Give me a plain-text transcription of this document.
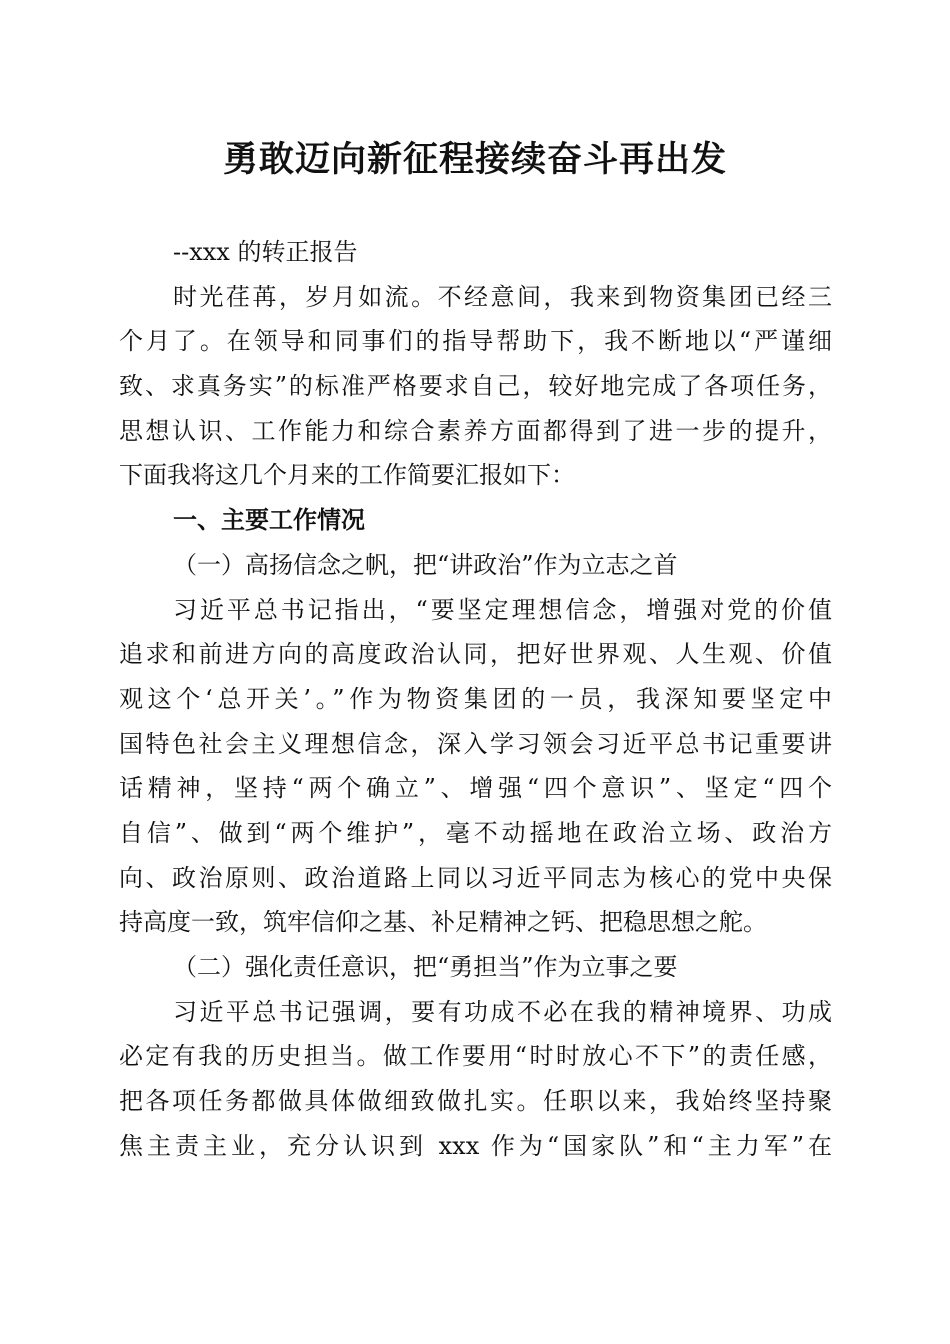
勇敢迈向新征程接续奋斗再出发
--xxx 的转正报告
时光荏苒，岁月如流。不经意间，我来到物资集团已经三
个月了。在领导和同事们的指导帮助下，我不断地以“严谨细
致、求真务实”的标准严格要求自己，较好地完成了各项任务，
思想认识、工作能力和综合素养方面都得到了进一步的提升，
下面我将这几个月来的工作简要汇报如下：
一、主要工作情况
（一）高扬信念之帆，把“讲政治”作为立志之首
习近平总书记指出，“要坚定理想信念，增强对党的价值
追求和前进方向的高度政治认同，把好世界观、人生观、价值
观这个‘总开关’。”作为物资集团的一员，我深知要坚定中
国特色社会主义理想信念，深入学习领会习近平总书记重要讲
话精神，坚持“两个确立”、增强“四个意识”、坚定“四个
自信”、做到“两个维护”，毫不动摇地在政治立场、政治方
向、政治原则、政治道路上同以习近平同志为核心的党中央保
持高度一致，筑牢信仰之基、补足精神之钙、把稳思想之舵。
（二）强化责任意识，把“勇担当”作为立事之要
习近平总书记强调，要有功成不必在我的精神境界、功成
必定有我的历史担当。做工作要用“时时放心不下”的责任感，
把各项任务都做具体做细致做扎实。任职以来，我始终坚持聚
焦主责主业，充分认识到 xxx 作为“国家队”和“主力军”在
